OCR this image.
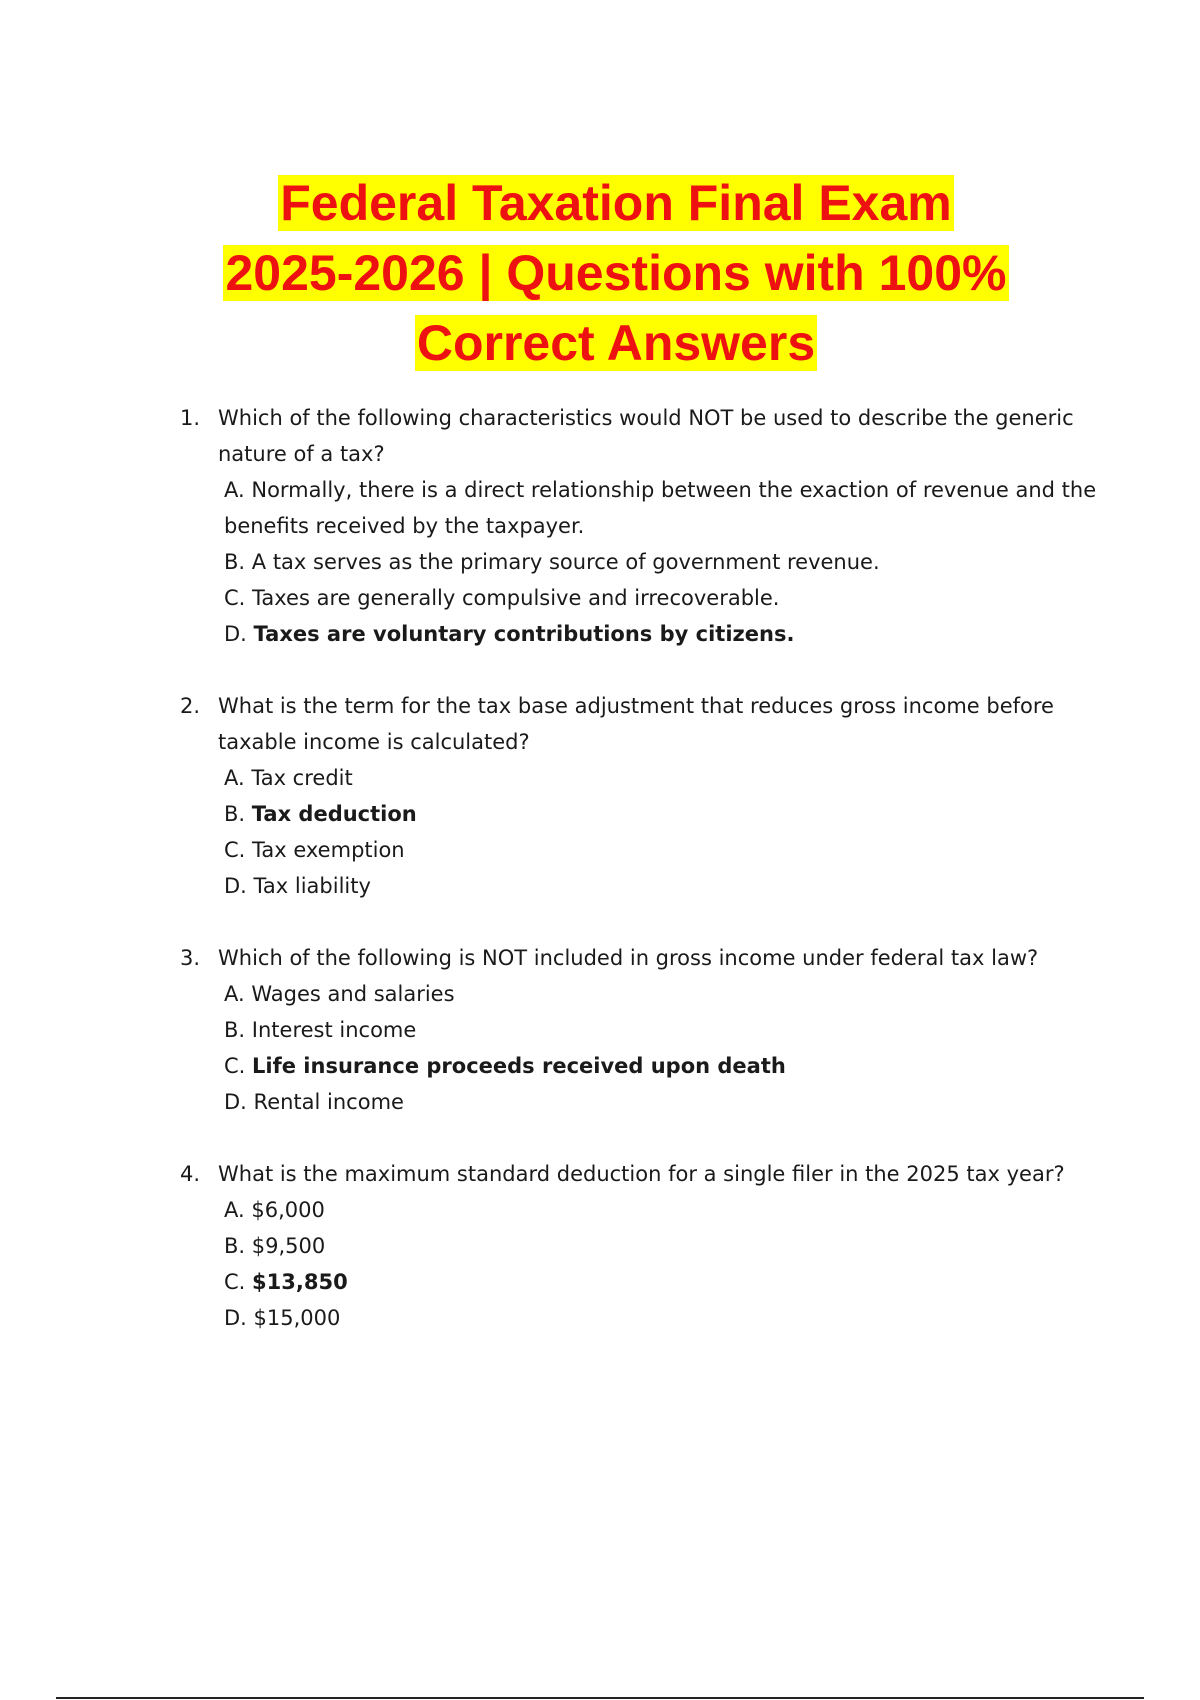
Federal Taxation Final Exam
2025-2026 | Questions with 100%
Correct Answers
1. Which of the following characteristics would NOT be used to describe the generic nature of a tax?
A. Normally, there is a direct relationship between the exaction of revenue and the benefits received by the taxpayer.
B. A tax serves as the primary source of government revenue.
C. Taxes are generally compulsive and irrecoverable.
D. Taxes are voluntary contributions by citizens.
2. What is the term for the tax base adjustment that reduces gross income before taxable income is calculated?
A. Tax credit
B. Tax deduction
C. Tax exemption
D. Tax liability
3. Which of the following is NOT included in gross income under federal tax law?
A. Wages and salaries
B. Interest income
C. Life insurance proceeds received upon death
D. Rental income
4. What is the maximum standard deduction for a single filer in the 2025 tax year?
A. $6,000
B. $9,500
C. $13,850
D. $15,000
